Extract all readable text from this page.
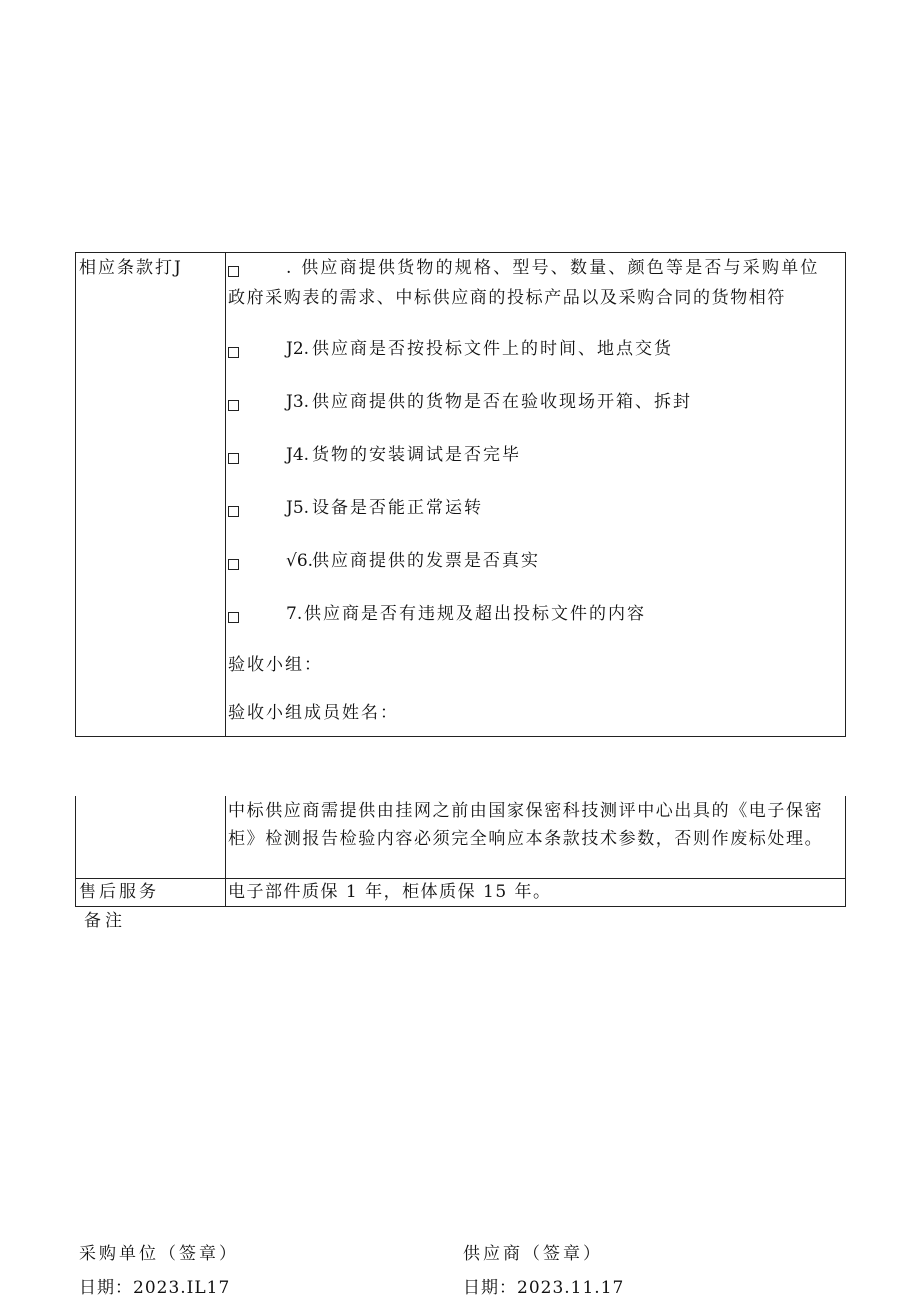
相应条款打J	. 供应商提供货物的规格、型号、数量、颜色等是否与采购单位
政府采购表的需求、中标供应商的投标产品以及采购合同的货物相符
J2. 供应商是否按投标文件上的时间、地点交货
J3. 供应商提供的货物是否在验收现场开箱、拆封
J4. 货物的安装调试是否完毕
J5. 设备是否能正常运转
√6.
供应商提供的发票是否真实
7. 供应商是否有违规及超出投标文件的内容
验收小组：
验收小组成员姓名：
中标供应商需提供由挂网之前由国家保密科技测评中心出具的《电子保密柜》检测报告检验内容必须完全响应本条款技术参数，否则作废标处理。
售后服务	电子部件质保 1 年，柜体质保 15 年。
备注
采购单位（签章）
日期：2023.IL17
供应商（签章）
日期：2023.11.17
